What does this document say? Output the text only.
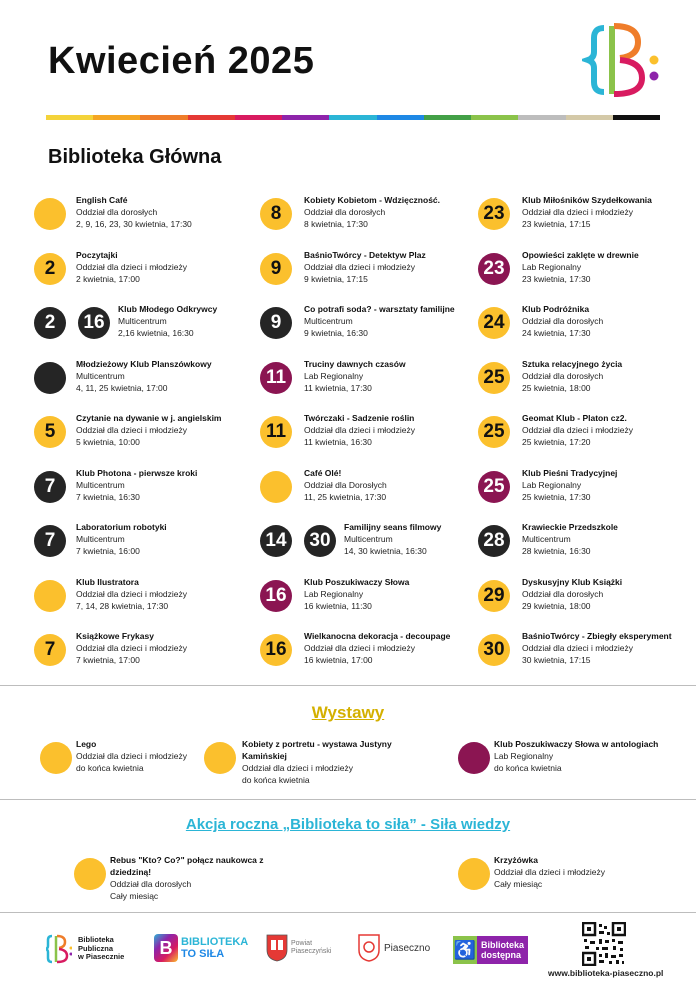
Kwiecień 2025
Biblioteka Główna
English Café
Oddział dla dorosłych
2, 9, 16, 23, 30 kwietnia, 17:30
2
Poczytajki
Oddział dla dzieci i młodzieży
2 kwietnia, 17:00
2	16
Klub Młodego Odkrywcy
Multicentrum
2,16 kwietnia, 16:30
Młodzieżowy Klub Planszówkowy
Multicentrum
4, 11, 25 kwietnia, 17:00
5
Czytanie na dywanie w j. angielskim
Oddział dla dzieci i młodzieży
5 kwietnia, 10:00
7
Klub Photona - pierwsze kroki
Multicentrum
7 kwietnia, 16:30
7
Laboratorium robotyki
Multicentrum
7 kwietnia, 16:00
Klub Ilustratora
Oddział dla dzieci i młodzieży
7, 14, 28 kwietnia, 17:30
7
Książkowe Frykasy
Oddział dla dzieci i młodzieży
7 kwietnia, 17:00
8
Kobiety Kobietom - Wdzięczność.
Oddział dla dorosłych
8 kwietnia, 17:30
9
BaśnioTwórcy - Detektyw Plaz
Oddział dla dzieci i młodzieży
9 kwietnia, 17:15
9
Co potrafi soda? - warsztaty familijne
Multicentrum
9 kwietnia, 16:30
11
Truciny dawnych czasów
Lab Regionalny
11 kwietnia, 17:30
11
Twórczaki - Sadzenie roślin
Oddział dla dzieci i młodzieży
11 kwietnia, 16:30
Café Olé!
Oddział dla Dorosłych
11, 25 kwietnia, 17:30
14 30
Familijny seans filmowy
Multicentrum
14, 30 kwietnia, 16:30
16
Klub Poszukiwaczy Słowa
Lab Regionalny
16 kwietnia, 11:30
16
Wielkanocna dekoracja - decoupage
Oddział dla dzieci i młodzieży
16 kwietnia, 17:00
23
Klub Miłośników Szydełkowania
Oddział dla dzieci i młodzieży
23 kwietnia, 17:15
23
Opowieści zaklęte w drewnie
Lab Regionalny
23 kwietnia, 17:30
24
Klub Podróżnika
Oddział dla dorosłych
24 kwietnia, 17:30
25
Sztuka relacyjnego życia
Oddział dla dorosłych
25 kwietnia, 18:00
25
Geomat Klub - Platon cz2.
Oddział dla dzieci i młodzieży
25 kwietnia, 17:20
25
Klub Pieśni Tradycyjnej
Lab Regionalny
25 kwietnia, 17:30
28
Krawieckie Przedszkole
Multicentrum
28 kwietnia, 16:30
29
Dyskusyjny Klub Książki
Oddział dla dorosłych
29 kwietnia, 18:00
30
BaśnioTwórcy - Zbiegły eksperyment
Oddział dla dzieci i młodzieży
30 kwietnia, 17:15
Wystawy
Lego
Oddział dla dzieci i młodzieży
do końca kwietnia
Kobiety z portretu - wystawa Justyny Kamińskiej
Oddział dla dzieci i młodzieży
do końca kwietnia
Klub Poszukiwaczy Słowa w antologiach
Lab Regionalny
do końca kwietnia
Akcja roczna „Biblioteka to siła” - Siła wiedzy
Rebus "Kto? Co?" połącz naukowca z dziedziną!
Oddział dla dorosłych
Cały miesiąc
Krzyżówka
Oddział dla dzieci i młodzieży
Cały miesiąc
Biblioteka
Publiczna
w Piasecznie	B BIBLIOTEKA
TO SIŁA
Powiat
Piaseczyński	Piaseczno ♿ Biblioteka
dostępna
www.biblioteka-piaseczno.pl
